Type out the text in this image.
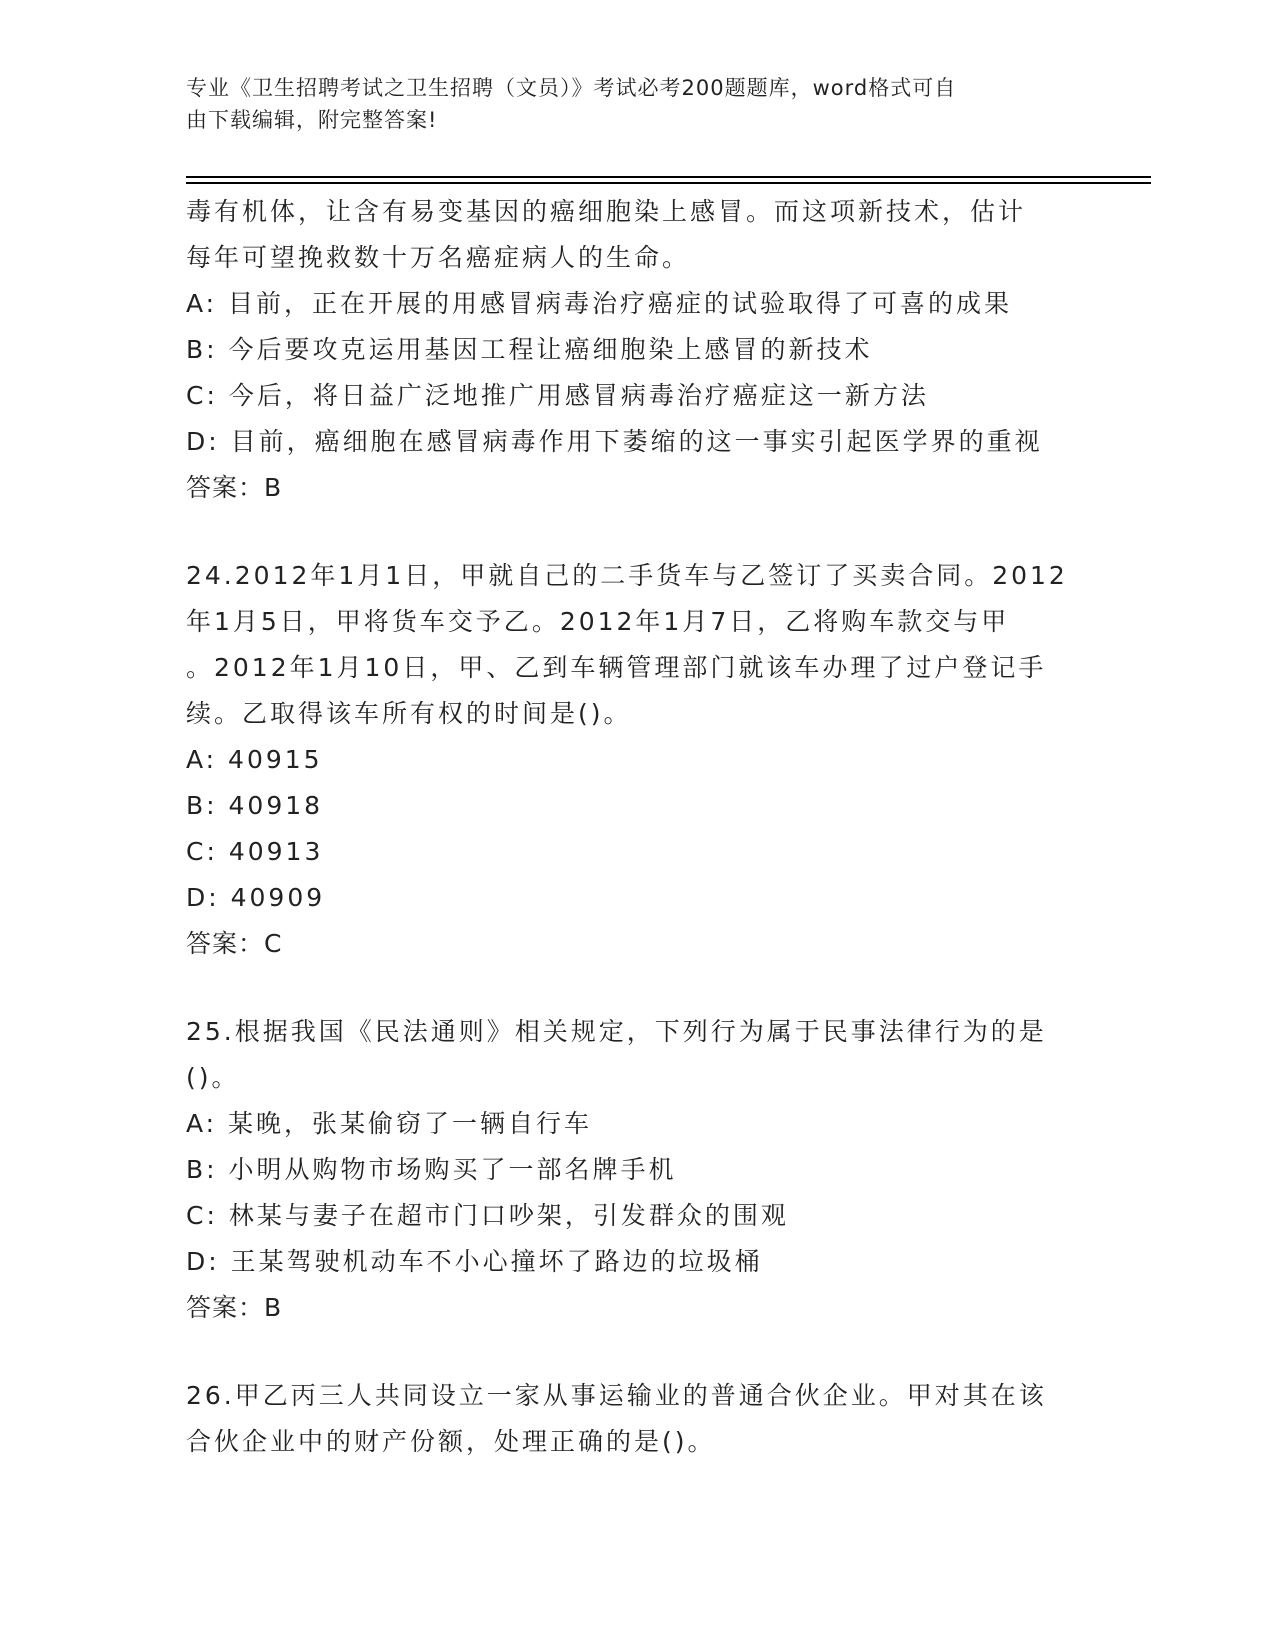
专业《卫生招聘考试之卫生招聘（文员）》考试必考200题题库，word格式可自
由下载编辑，附完整答案!
毒有机体，让含有易变基因的癌细胞染上感冒。而这项新技术，估计
每年可望挽救数十万名癌症病人的生命。
A: 目前，正在开展的用感冒病毒治疗癌症的试验取得了可喜的成果
B: 今后要攻克运用基因工程让癌细胞染上感冒的新技术
C: 今后，将日益广泛地推广用感冒病毒治疗癌症这一新方法
D: 目前，癌细胞在感冒病毒作用下萎缩的这一事实引起医学界的重视
答案：B
24.2012年1月1日，甲就自己的二手货车与乙签订了买卖合同。2012
年1月5日，甲将货车交予乙。2012年1月7日，乙将购车款交与甲
。2012年1月10日，甲、乙到车辆管理部门就该车办理了过户登记手
续。乙取得该车所有权的时间是()。
A: 40915
B: 40918
C: 40913
D: 40909
答案：C
25.根据我国《民法通则》相关规定，下列行为属于民事法律行为的是
()。
A: 某晚，张某偷窃了一辆自行车
B: 小明从购物市场购买了一部名牌手机
C: 林某与妻子在超市门口吵架，引发群众的围观
D: 王某驾驶机动车不小心撞坏了路边的垃圾桶
答案：B
26.甲乙丙三人共同设立一家从事运输业的普通合伙企业。甲对其在该
合伙企业中的财产份额，处理正确的是()。
